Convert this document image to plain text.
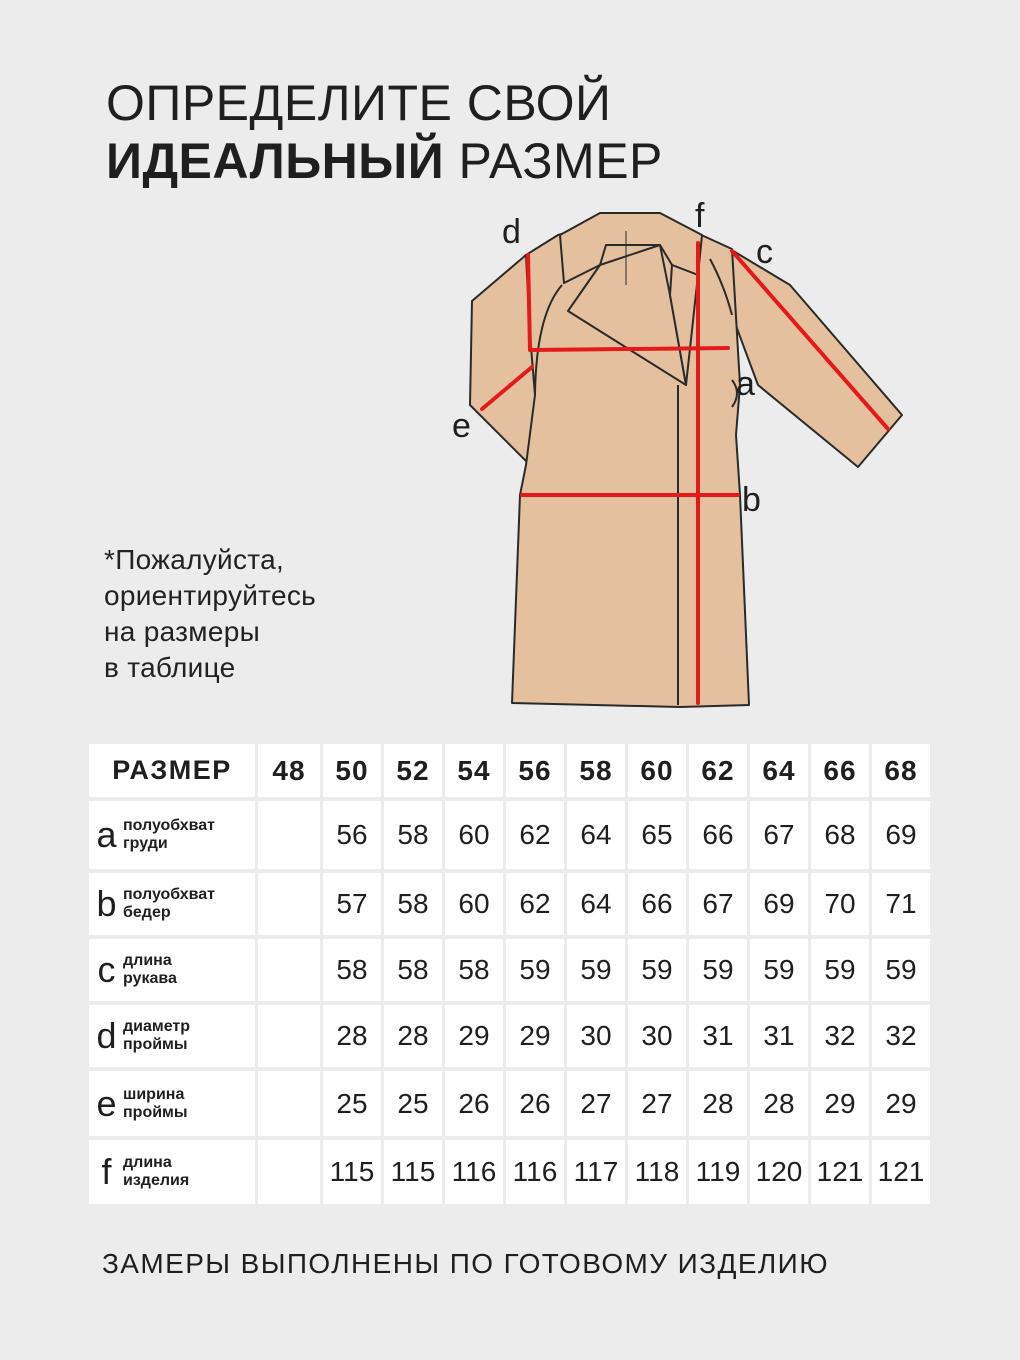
ОПРЕДЕЛИТЕ СВОЙ
ИДЕАЛЬНЫЙ РАЗМЕР
*Пожалуйста,
ориентируйтесь
на размеры
в таблице
d	f
c
a
e
b
РАЗМЕР	48	50	52	54	56	58	60	62	64	66	68

a полуобхват
груди		56	58	60	62	64	65	66	67	68	69

b полуобхват
бедер		57	58	60	62	64	66	67	69	70	71

c длина
рукава		58	58	58	59	59	59	59	59	59	59

d диаметр
проймы		28	28	29	29	30	30	31	31	32	32

e ширина
проймы		25	25	26	26	27	27	28	28	29	29

f длина
изделия		115	115	116	116	117	118	119	120	121	121
ЗАМЕРЫ ВЫПОЛНЕНЫ ПО ГОТОВОМУ ИЗДЕЛИЮ
